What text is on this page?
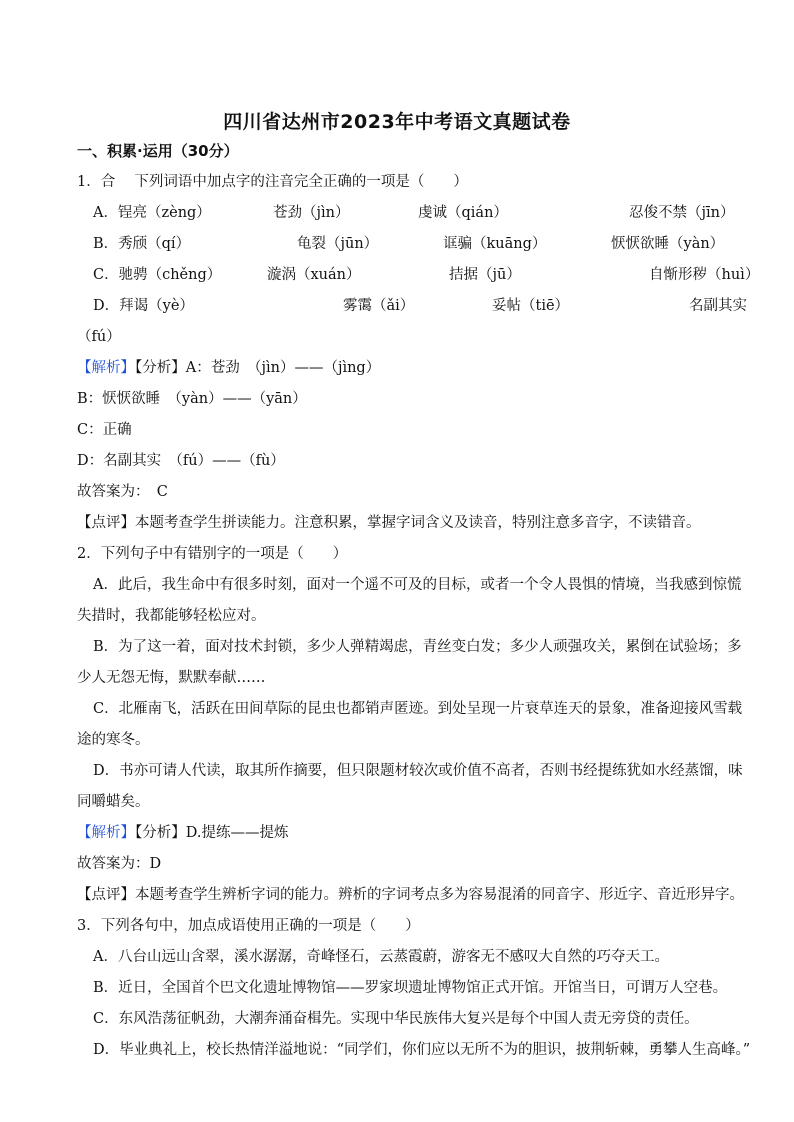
四川省达州市2023年中考语文真题试卷
一、积累·运用（30分）
1．合　 下列词语中加点字的注音完全正确的一项是（　　）
A．锃亮（zèng）	苍劲（jìn）	虔诚（qián）	忍俊不禁（jīn）
B．秀颀（qí）	龟裂（jūn）	诓骗（kuāng）	恹恹欲睡（yàn）
C．驰骋（chěng）	漩涡（xuán）	拮据（jū）	自惭形秽（huì）
D．拜谒（yè）	雾霭（ǎi）	妥帖（tiē）	名副其实
（fú）
【解析】【分析】A：苍劲　（jìn）——（jìng）
B：恹恹欲睡　（yàn）——（yān）
C：正确
D：名副其实　（fú）——（fù）
故答案为：　C
【点评】本题考查学生拼读能力。注意积累，掌握字词含义及读音，特别注意多音字，不读错音。
2．下列句子中有错别字的一项是（　　）
A．此后，我生命中有很多时刻，面对一个遥不可及的目标，或者一个令人畏惧的情境，当我感到惊慌
失措时，我都能够轻松应对。
B．为了这一着，面对技术封锁，多少人弹精竭虑，青丝变白发；多少人顽强攻关，累倒在试验场；多
少人无怨无悔，默默奉献……
C．北雁南飞，活跃在田间草际的昆虫也都销声匿迹。到处呈现一片衰草连天的景象，准备迎接风雪载
途的寒冬。
D．书亦可请人代读，取其所作摘要，但只限题材较次或价值不高者，否则书经提练犹如水经蒸馏，味
同嚼蜡矣。
【解析】【分析】D.提练——提炼
故答案为：D
【点评】本题考查学生辨析字词的能力。辨析的字词考点多为容易混淆的同音字、形近字、音近形异字。
3．下列各句中，加点成语使用正确的一项是（　　）
A．八台山远山含翠，溪水潺潺，奇峰怪石，云蒸霞蔚，游客无不感叹大自然的巧夺天工。
B．近日，全国首个巴文化遗址博物馆——罗家坝遗址博物馆正式开馆。开馆当日，可谓万人空巷。
C．东风浩荡征帆劲，大潮奔涌奋楫先。实现中华民族伟大复兴是每个中国人责无旁贷的责任。
D．毕业典礼上，校长热情洋溢地说：“同学们，你们应以无所不为的胆识，披荆斩棘，勇攀人生高峰。”
